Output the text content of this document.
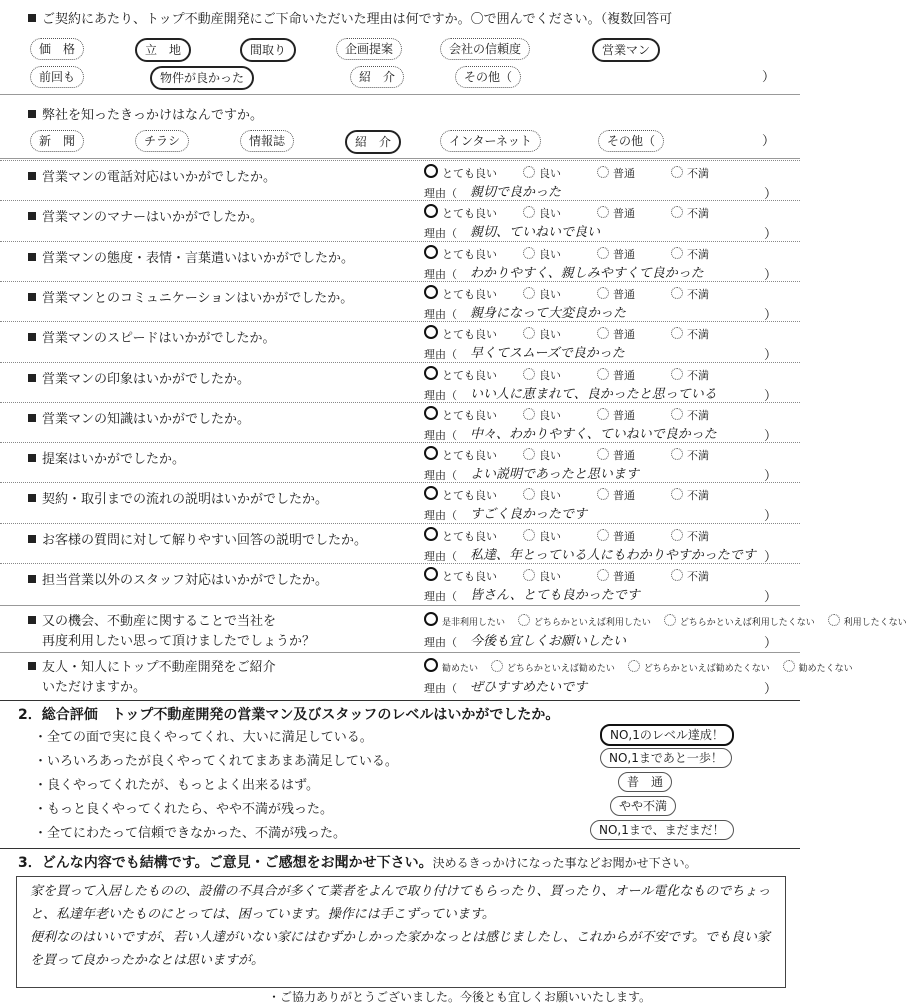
ご契約にあたり、トップ不動産開発にご下命いただいた理由は何ですか。〇で囲んでください。（複数回答可
価　格	立　地	間取り	企画提案	会社の信頼度	営業マン
前回も	物件が良かった	紹　介	その他（	）
弊社を知ったきっかけはなんですか。
新　聞	チラシ	情報誌	紹　介	インターネット	その他（	）
営業マンの電話対応はいかがでしたか。	とても良い	良い	普通	不満
理由（ 親切で良かった	）
営業マンのマナーはいかがでしたか。	とても良い	良い	普通	不満
理由（ 親切、ていねいで良い	）
営業マンの態度・表情・言葉遣いはいかがでしたか。	とても良い	良い	普通	不満
理由（ わかりやすく、親しみやすくて良かった	）
営業マンとのコミュニケーションはいかがでしたか。	とても良い	良い	普通	不満
理由（ 親身になって大変良かった	）
営業マンのスピードはいかがでしたか。	とても良い	良い	普通	不満
理由（ 早くてスムーズで良かった	）
営業マンの印象はいかがでしたか。	とても良い	良い	普通	不満
理由（ いい人に恵まれて、良かったと思っている	）
営業マンの知識はいかがでしたか。	とても良い	良い	普通	不満
理由（ 中々、わかりやすく、ていねいで良かった	）
提案はいかがでしたか。	とても良い	良い	普通	不満
理由（ よい説明であったと思います	）
契約・取引までの流れの説明はいかがでしたか。	とても良い	良い	普通	不満
理由（ すごく良かったです	）
お客様の質問に対して解りやすい回答の説明でしたか。	とても良い	良い	普通	不満
理由（ 私達、年とっている人にもわかりやすかったです ）
担当営業以外のスタッフ対応はいかがでしたか。	とても良い	良い	普通	不満
理由（ 皆さん、とても良かったです	）
又の機会、不動産に関することで当社を
再度利用したい思って頂けましたでしょうか？
是非利用したい	どちらかといえば利用したい	どちらかといえば利用したくない	利用したくない
理由（ 今後も宜しくお願いしたい	）
友人・知人にトップ不動産開発をご紹介
いただけますか。
勧めたい	どちらかといえば勧めたい	どちらかといえば勧めたくない	勧めたくない
理由（ ぜひすすめたいです	）
2．総合評価　トップ不動産開発の営業マン及びスタッフのレベルはいかがでしたか。
・全ての面で実に良くやってくれ、大いに満足している。	NO,1のレベル達成！
・いろいろあったが良くやってくれてまあまあ満足している。	NO,1まであと一歩！
・良くやってくれたが、もっとよく出来るはず。	普　通
・もっと良くやってくれたら、やや不満が残った。	やや不満
・全てにわたって信頼できなかった、不満が残った。	NO,1まで、まだまだ！
3．どんな内容でも結構です。ご意見・ご感想をお聞かせ下さい。決めるきっかけになった事などお聞かせ下さい。
家を買って入居したものの、設備の不具合が多くて業者をよんで取り付けてもらったり、買ったり、オール電化なものでちょっと、私達年老いたものにとっては、困っています。操作には手こずっています。
便利なのはいいですが、若い人達がいない家にはむずかしかった家かなっとは感じましたし、これからが不安です。でも良い家を買って良かったかなとは思いますが。
・ご協力ありがとうございました。今後とも宜しくお願いいたします。
